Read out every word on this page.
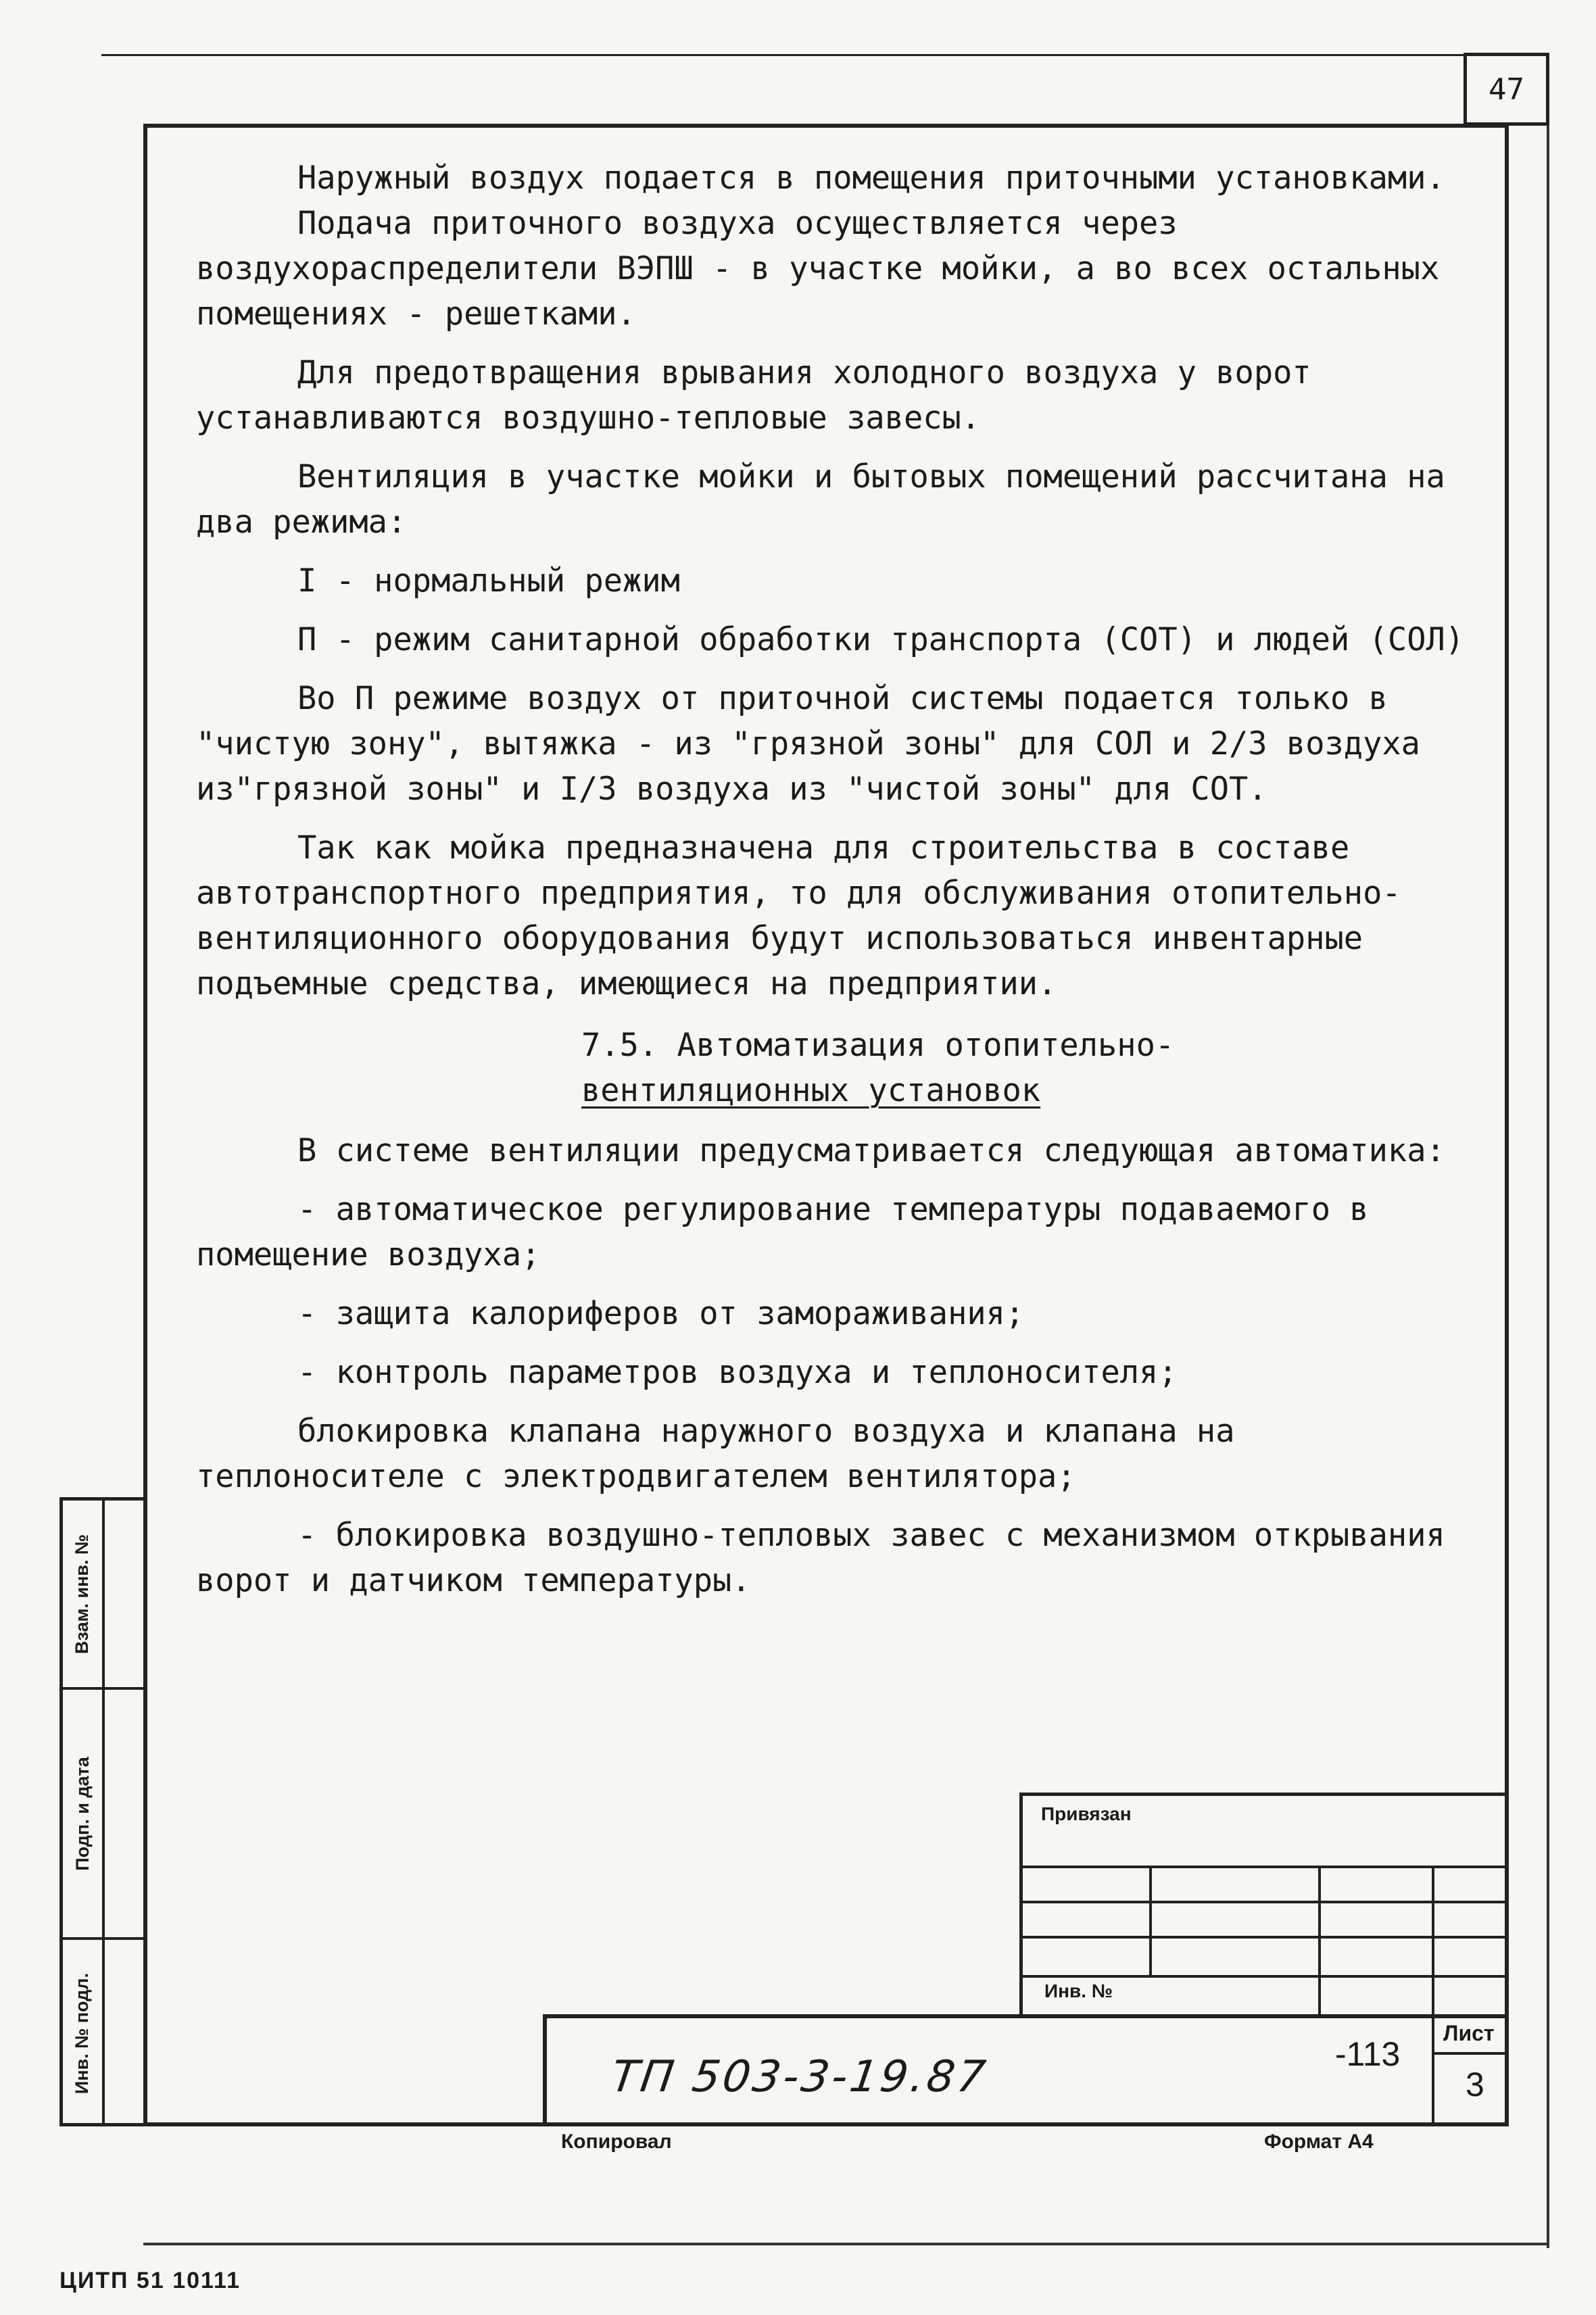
47

Наружный воздух подается в помещения приточными установками.

Подача приточного воздуха осуществляется через воздухораспределители ВЭПШ - в участке мойки, а во всех остальных помещениях - решетками.

Для предотвращения врывания холодного воздуха у ворот устанавливаются воздушно-тепловые завесы.

Вентиляция в участке мойки и бытовых помещений рассчитана на два режима:

I - нормальный режим

П - режим санитарной обработки транспорта (СОТ) и людей (СОЛ)

Во П режиме воздух от приточной системы подается только в "чистую зону", вытяжка - из "грязной зоны" для СОЛ и 2/3 воздуха из"грязной зоны" и I/3 воздуха из "чистой зоны" для СОТ.

Так как мойка предназначена для строительства в составе автотранспортного предприятия, то для обслуживания отопительно-вентиляционного оборудования будут использоваться инвентарные подъемные средства, имеющиеся на предприятии.

7.5. Автоматизация отопительно-
вентиляционных установок

В системе вентиляции предусматривается следующая автоматика:

- автоматическое регулирование температуры подаваемого в помещение воздуха;

- защита калориферов от замораживания;

- контроль параметров воздуха и теплоносителя;

блокировка клапана наружного воздуха и клапана на теплоносителе с электродвигателем вентилятора;

- блокировка воздушно-тепловых завес с механизмом открывания ворот и датчиком температуры.

Взам. инв. №
Подп. и дата
Инв. № подл.
Привязан
Инв. №
ТП 503-3-19.87	-113
Лист
3
Копировал	Формат А4
ЦИТП 51 10111
